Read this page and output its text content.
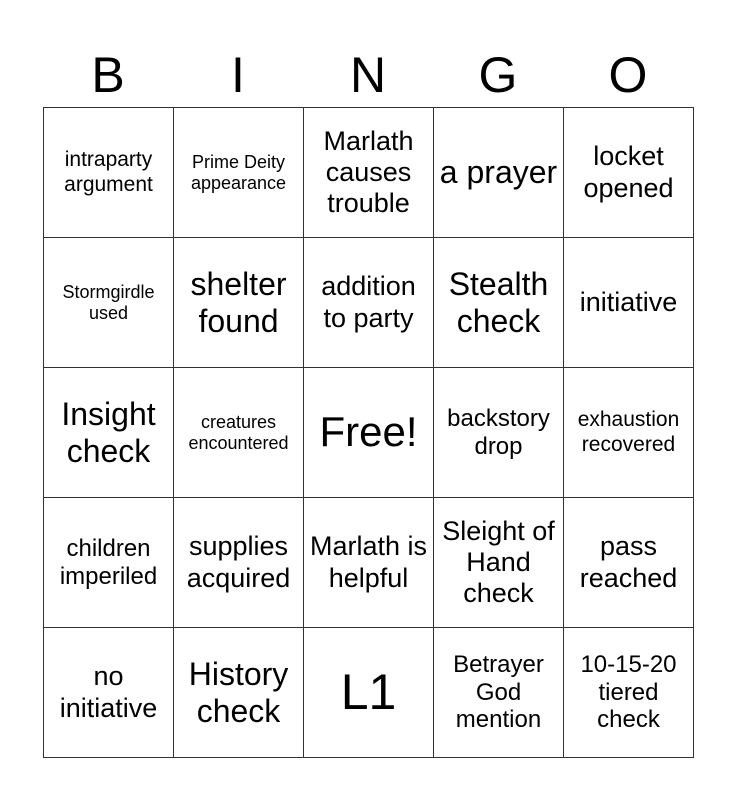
B	I	N	G	O
intraparty argument	Prime Deity appearance	Marlath causes trouble	a prayer	locket opened
Stormgirdle used	shelter found	addition to party	Stealth check	initiative
Insight check	creatures encountered	Free!	backstory drop	exhaustion recovered
children imperiled	supplies acquired	Marlath is helpful	Sleight of Hand check	pass reached
no initiative	History check	L1	Betrayer God mention	10-15-20 tiered check
